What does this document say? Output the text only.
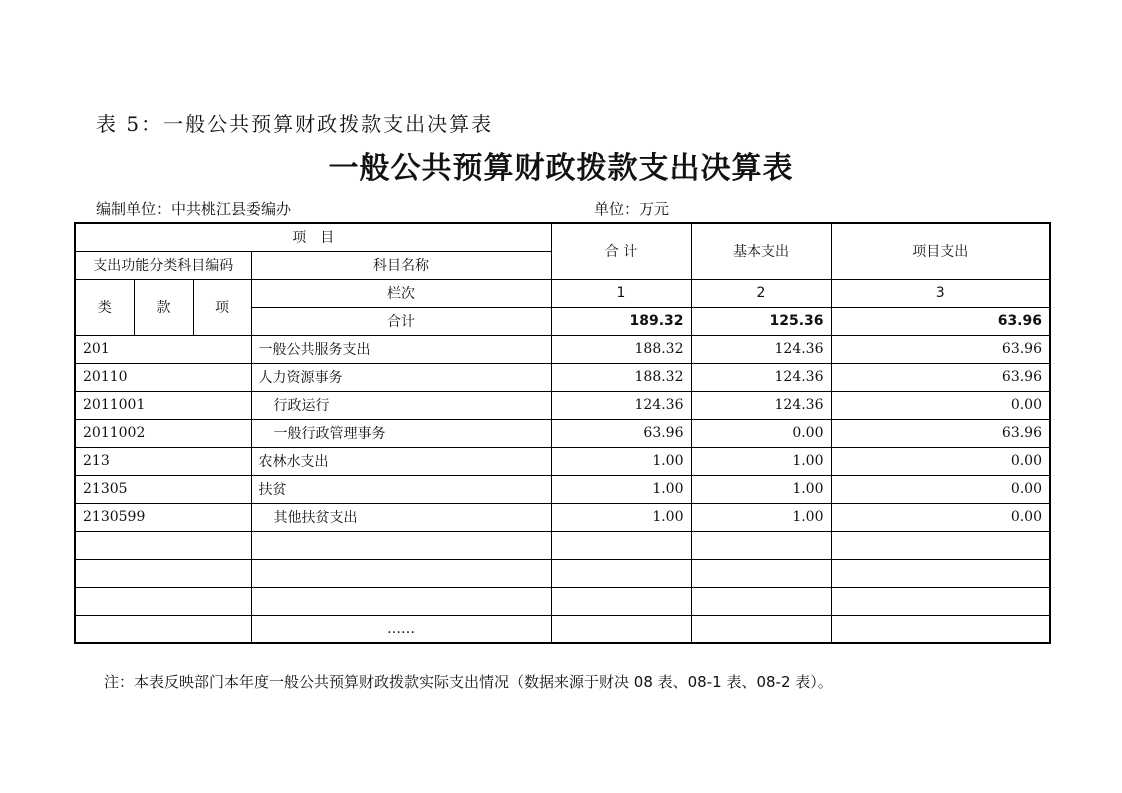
表 5：一般公共预算财政拨款支出决算表
一般公共预算财政拨款支出决算表
编制单位：中共桃江县委编办	单位：万元
项　目				合 计	基本支出	项目支出
支出功能分类科目编码			科目名称			
类	款	项	栏次	1	2	3
			合计	189.32	125.36	63.96
201			一般公共服务支出	188.32	124.36	63.96
20110			人力资源事务	188.32	124.36	63.96
2011001			行政运行	124.36	124.36	0.00
2011002			一般行政管理事务	63.96	0.00	63.96
213			农林水支出	1.00	1.00	0.00
21305			扶贫	1.00	1.00	0.00
2130599			其他扶贫支出	1.00	1.00	0.00

			……			
注：本表反映部门本年度一般公共预算财政拨款实际支出情况（数据来源于财决 08 表、08-1 表、08-2 表）。
